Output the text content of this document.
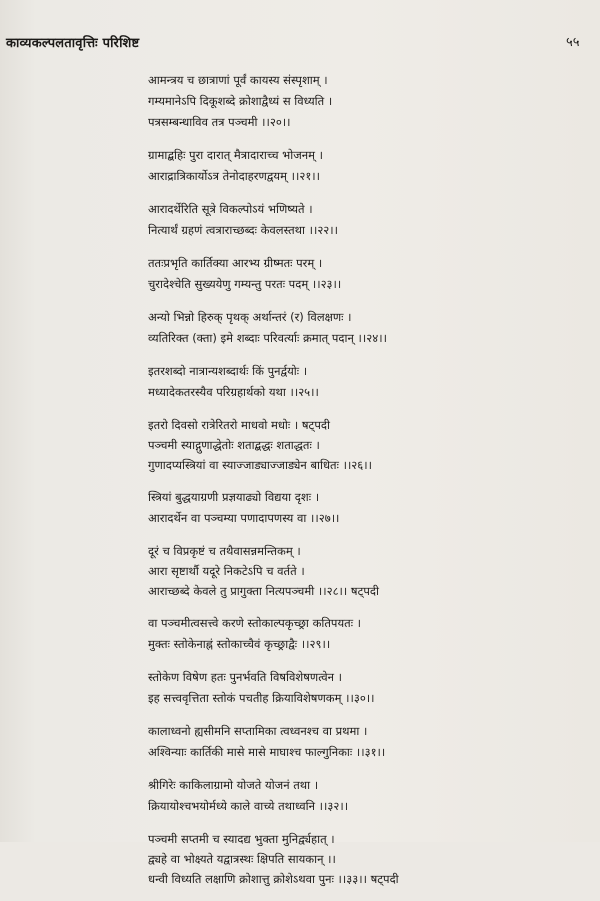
काव्यकल्पलतावृत्तिः परिशिष्ट	५५
आमन्त्रय च छात्राणां पूर्वं कायस्य संस्पृशाम् ।
गम्यमानेऽपि दिकूशब्दे क्रोशाद्वैध्यं स विध्यति ।
पत्रसम्बन्धाविव तत्र पञ्चमी ।।२०।।
ग्रामाद्बहिः पुरा दारात् मैत्रादाराच्च भोजनम् ।
आराद्रात्रिकार्योऽत्र तेनोदाहरणद्वयम् ।।२१।।
आरादर्थेरिति सूत्रे विकल्पोऽयं भणिष्यते ।
नित्यार्थं ग्रहणं त्वत्राराच्छब्दः केवलस्तथा ।।२२।।
ततःप्रभृति कार्तिक्या आरभ्य ग्रीष्मतः परम् ।
चुरादेश्चेति सुख्ययेणु गम्यन्तु परतः पदम् ।।२३।।
अन्यो भिन्नो हिरुक् पृथक् अर्थान्तरं (र) विलक्षणः ।
व्यतिरिक्त (क्ता) इमे शब्दाः परिवर्त्याः क्रमात् पदान् ।।२४।।
इतरशब्दो नात्रान्यशब्दार्थः किं पुनर्द्वयोः ।
मध्यादेकतरस्यैव परिग्रहार्थको यथा ।।२५।।
इतरो दिवसो रात्रेरितरो माधवो मधोः । षट्पदी
पञ्चमी स्याद्गुणाद्धेतोः शताद्बद्धः शताद्धतः ।
गुणादप्यस्त्रियां वा स्याज्जाड्याज्जाड्येन बाधितः ।।२६।।
स्त्रियां बुद्धयाग्रणी प्रज्ञयाढ्यो विद्यया दृशः ।
आरादर्थेन वा पञ्चम्या पणादापणस्य वा ।।२७।।
दूरं च विप्रकृष्टं च तथैवासन्नमन्तिकम् ।
आरा सृष्टार्थौ यदूरे निकटेऽपि च वर्तते ।
आराच्छब्दे केवले तु प्रागुक्ता नित्यपञ्चमी ।।२८।। षट्पदी
वा पञ्चमीत्वसत्त्वे करणे स्तोकाल्पकृच्छ्रा कतिपयतः ।
मुक्तः स्तोकेनाह्नं स्तोकाच्चैवं कृच्छ्राद्वैः ।।२९।।
स्तोकेण विषेण हतः पुनर्भवति विषविशेषणत्वेन ।
इह सत्त्ववृत्तिता स्तोकं पचतीह क्रियाविशेषणकम् ।।३०।।
कालाध्वनो ह्यसीमनि सप्तामिका त्वध्वनश्च वा प्रथमा ।
अश्विन्याः कार्तिकी मासे मासे माघाश्च फाल्गुनिकाः ।।३१।।
श्रीगिरेः काकिलाग्रामो योजते योजनं तथा ।
क्रियायोश्चभयोर्मध्ये काले वाच्ये तथाध्वनि ।।३२।।
पञ्चमी सप्तमी च स्यादद्य भुक्ता मुनिर्द्व्यहात् ।
द्व्यहे वा भोक्ष्यते यद्वात्रस्थः क्षिपति सायकान् ।।
धन्वी विध्यति लक्षाणि क्रोशात्तु क्रोशेऽथवा पुनः ।।३३।। षट्पदी
